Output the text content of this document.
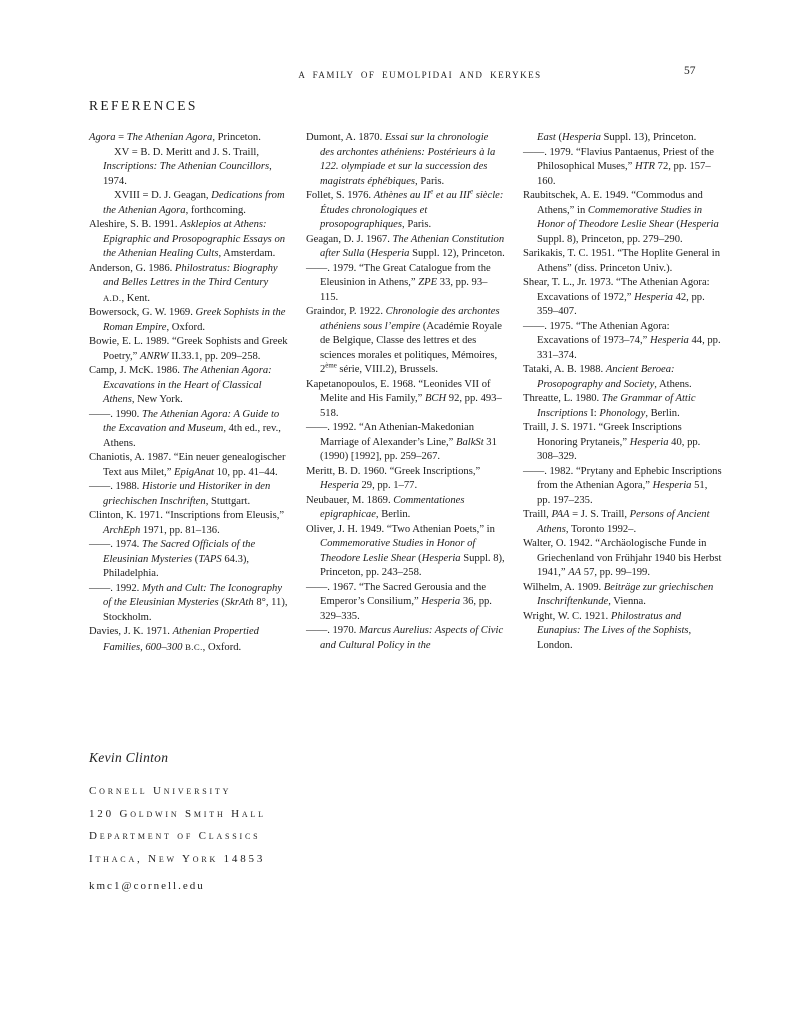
A FAMILY OF EUMOLPIDAI AND KERYKES	57
REFERENCES

Agora = The Athenian Agora, Princeton.

XV = B. D. Meritt and J. S. Traill, Inscriptions: The Athenian Councillors, 1974.

XVIII = D. J. Geagan, Dedications from the Athenian Agora, forthcoming.

Aleshire, S. B. 1991. Asklepios at Athens: Epigraphic and Prosopographic Essays on the Athenian Healing Cults, Amsterdam.

Anderson, G. 1986. Philostratus: Biography and Belles Lettres in the Third Century A.D., Kent.

Bowersock, G. W. 1969. Greek Sophists in the Roman Empire, Oxford.

Bowie, E. L. 1989. “Greek Sophists and Greek Poetry,” ANRW II.33.1, pp. 209–258.

Camp, J. McK. 1986. The Athenian Agora: Excavations in the Heart of Classical Athens, New York.

——. 1990. The Athenian Agora: A Guide to the Excavation and Museum, 4th ed., rev., Athens.

Chaniotis, A. 1987. “Ein neuer genealogischer Text aus Milet,” EpigAnat 10, pp. 41–44.

——. 1988. Historie und Historiker in den griechischen Inschriften, Stuttgart.

Clinton, K. 1971. “Inscriptions from Eleusis,” ArchEph 1971, pp. 81–136.

——. 1974. The Sacred Officials of the Eleusinian Mysteries (TAPS 64.3), Philadelphia.

——. 1992. Myth and Cult: The Iconography of the Eleusinian Mysteries (SkrAth 8°, 11), Stockholm.

Davies, J. K. 1971. Athenian Propertied Families, 600–300 B.C., Oxford.

Dumont, A. 1870. Essai sur la chronologie des archontes athéniens: Postérieurs à la 122. olympiade et sur la succession des magistrats éphébiques, Paris.

Follet, S. 1976. Athènes au IIe et au IIIe siècle: Études chronologiques et prosopographiques, Paris.

Geagan, D. J. 1967. The Athenian Constitution after Sulla (Hesperia Suppl. 12), Princeton.

——. 1979. “The Great Catalogue from the Eleusinion in Athens,” ZPE 33, pp. 93–115.

Graindor, P. 1922. Chronologie des archontes athéniens sous l’empire (Académie Royale de Belgique, Classe des lettres et des sciences morales et politiques, Mémoires, 2ème série, VIII.2), Brussels.

Kapetanopoulos, E. 1968. “Leonides VII of Melite and His Family,” BCH 92, pp. 493–518.

——. 1992. “An Athenian-Makedonian Marriage of Alexander’s Line,” BalkSt 31 (1990) [1992], pp. 259–267.

Meritt, B. D. 1960. “Greek Inscriptions,” Hesperia 29, pp. 1–77.

Neubauer, M. 1869. Commentationes epigraphicae, Berlin.

Oliver, J. H. 1949. “Two Athenian Poets,” in Commemorative Studies in Honor of Theodore Leslie Shear (Hesperia Suppl. 8), Princeton, pp. 243–258.

——. 1967. “The Sacred Gerousia and the Emperor’s Consilium,” Hesperia 36, pp. 329–335.

——. 1970. Marcus Aurelius: Aspects of Civic and Cultural Policy in the

East (Hesperia Suppl. 13), Princeton.

——. 1979. “Flavius Pantaenus, Priest of the Philosophical Muses,” HTR 72, pp. 157–160.

Raubitschek, A. E. 1949. “Commodus and Athens,” in Commemorative Studies in Honor of Theodore Leslie Shear (Hesperia Suppl. 8), Princeton, pp. 279–290.

Sarikakis, T. C. 1951. “The Hoplite General in Athens” (diss. Princeton Univ.).

Shear, T. L., Jr. 1973. “The Athenian Agora: Excavations of 1972,” Hesperia 42, pp. 359–407.

——. 1975. “The Athenian Agora: Excavations of 1973–74,” Hesperia 44, pp. 331–374.

Tataki, A. B. 1988. Ancient Beroea: Prosopography and Society, Athens.

Threatte, L. 1980. The Grammar of Attic Inscriptions I: Phonology, Berlin.

Traill, J. S. 1971. “Greek Inscriptions Honoring Prytaneis,” Hesperia 40, pp. 308–329.

——. 1982. “Prytany and Ephebic Inscriptions from the Athenian Agora,” Hesperia 51, pp. 197–235.

Traill, PAA = J. S. Traill, Persons of Ancient Athens, Toronto 1992–.

Walter, O. 1942. “Archäologische Funde in Griechenland von Frühjahr 1940 bis Herbst 1941,” AA 57, pp. 99–199.

Wilhelm, A. 1909. Beiträge zur griechischen Inschriftenkunde, Vienna.

Wright, W. C. 1921. Philostratus and Eunapius: The Lives of the Sophists, London.

Kevin Clinton
Cornell University
120 Goldwin Smith Hall
Department of Classics
Ithaca, New York 14853
kmc1@cornell.edu
